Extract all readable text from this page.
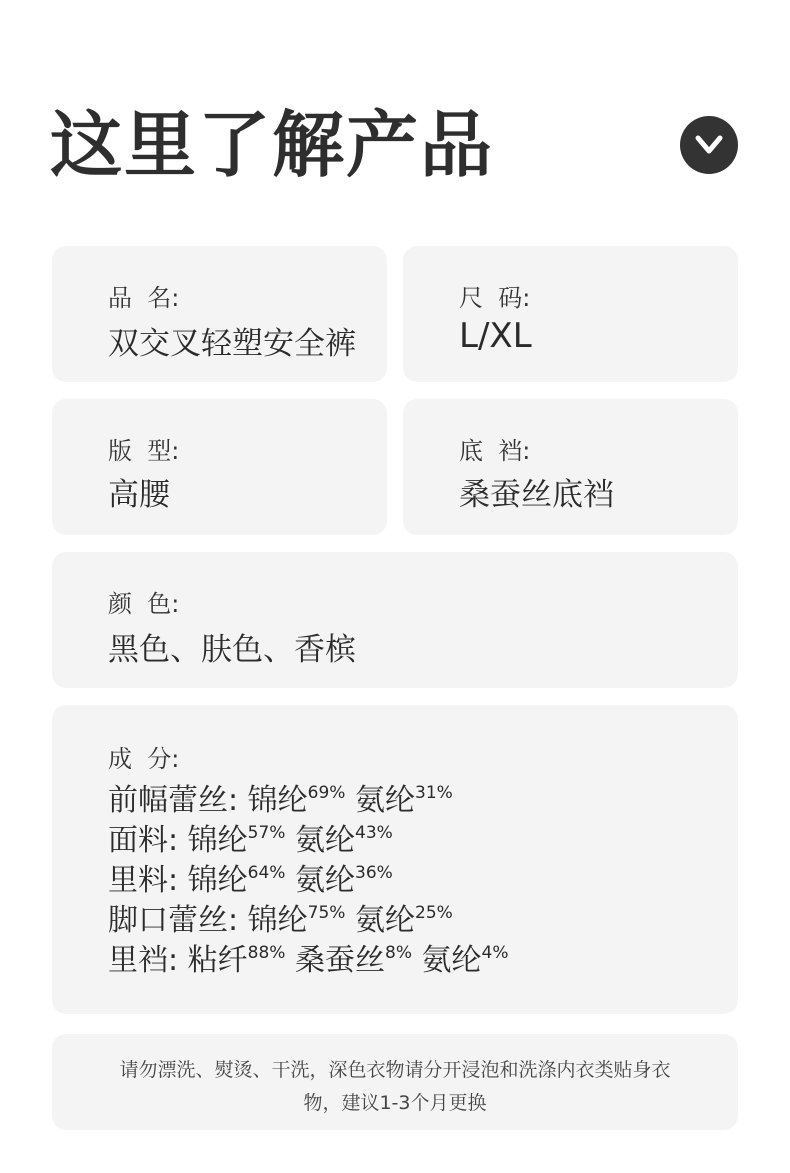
这里了解产品
品  名:
双交叉轻塑安全裤
尺  码:
L/XL
版  型:
高腰
底  裆:
桑蚕丝底裆
颜  色:
黑色、肤色、香槟
成  分:
前幅蕾丝: 锦纶$^{69\%}$ 氨纶$^{31\%}$
面料: 锦纶$^{57\%}$ 氨纶$^{43\%}$
里料: 锦纶$^{64\%}$ 氨纶$^{36\%}$
脚口蕾丝: 锦纶$^{75\%}$ 氨纶$^{25\%}$
里裆: 粘纤$^{88\%}$ 桑蚕丝$^{8\%}$ 氨纶$^{4\%}$
请勿漂洗、熨烫、干洗，深色衣物请分开浸泡和洗涤内衣类贴身衣
物，建议1-3个月更换
